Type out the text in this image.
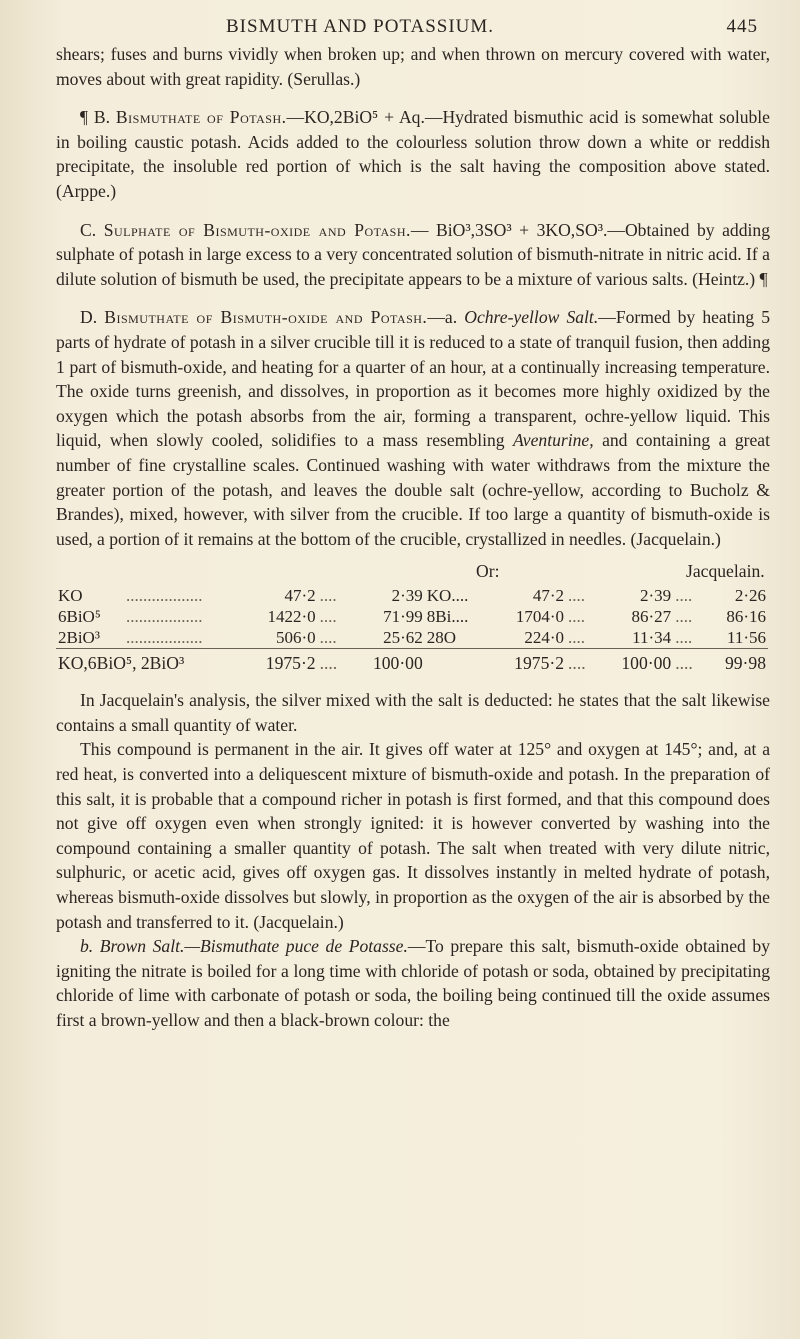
BISMUTH AND POTASSIUM.	445

shears; fuses and burns vividly when broken up; and when thrown on mercury covered with water, moves about with great rapidity. (Serullas.)

¶ B. Bismuthate of Potash.—KO,2BiO⁵ + Aq.—Hydrated bismuthic acid is somewhat soluble in boiling caustic potash. Acids added to the colourless solution throw down a white or reddish precipitate, the insoluble red portion of which is the salt having the composition above stated. (Arppe.)

C. Sulphate of Bismuth-oxide and Potash.— BiO³,3SO³ + 3KO,SO³.—Obtained by adding sulphate of potash in large excess to a very concentrated solution of bismuth-nitrate in nitric acid. If a dilute solution of bismuth be used, the precipitate appears to be a mixture of various salts. (Heintz.) ¶

D. Bismuthate of Bismuth-oxide and Potash.—a. Ochre-yellow Salt.—Formed by heating 5 parts of hydrate of potash in a silver crucible till it is reduced to a state of tranquil fusion, then adding 1 part of bismuth-oxide, and heating for a quarter of an hour, at a continually increasing temperature. The oxide turns greenish, and dissolves, in proportion as it becomes more highly oxidized by the oxygen which the potash absorbs from the air, forming a transparent, ochre-yellow liquid. This liquid, when slowly cooled, solidifies to a mass resembling Aventurine, and containing a great number of fine crystalline scales. Continued washing with water withdraws from the mixture the greater portion of the potash, and leaves the double salt (ochre-yellow, according to Bucholz & Brandes), mixed, however, with silver from the crucible. If too large a quantity of bismuth-oxide is used, a portion of it remains at the bottom of the crucible, crystallized in needles. (Jacquelain.)

Or:	Jacquelain.
KO	..................	47·2	....	2·39	KO....	47·2	....	2·39	....	2·26
6BiO⁵	..................	1422·0	....	71·99	8Bi....	1704·0	....	86·27	....	86·16
2BiO³	..................	506·0	....	25·62	28O	224·0	....	11·34	....	11·56
KO,6BiO⁵, 2BiO³		1975·2	....	100·00		1975·2	....	100·00	....	99·98

In Jacquelain's analysis, the silver mixed with the salt is deducted: he states that the salt likewise contains a small quantity of water.

This compound is permanent in the air. It gives off water at 125° and oxygen at 145°; and, at a red heat, is converted into a deliquescent mixture of bismuth-oxide and potash. In the preparation of this salt, it is probable that a compound richer in potash is first formed, and that this compound does not give off oxygen even when strongly ignited: it is however converted by washing into the compound containing a smaller quantity of potash. The salt when treated with very dilute nitric, sulphuric, or acetic acid, gives off oxygen gas. It dissolves instantly in melted hydrate of potash, whereas bismuth-oxide dissolves but slowly, in proportion as the oxygen of the air is absorbed by the potash and transferred to it. (Jacquelain.)

b. Brown Salt.—Bismuthate puce de Potasse.—To prepare this salt, bismuth-oxide obtained by igniting the nitrate is boiled for a long time with chloride of potash or soda, obtained by precipitating chloride of lime with carbonate of potash or soda, the boiling being continued till the oxide assumes first a brown-yellow and then a black-brown colour: the
